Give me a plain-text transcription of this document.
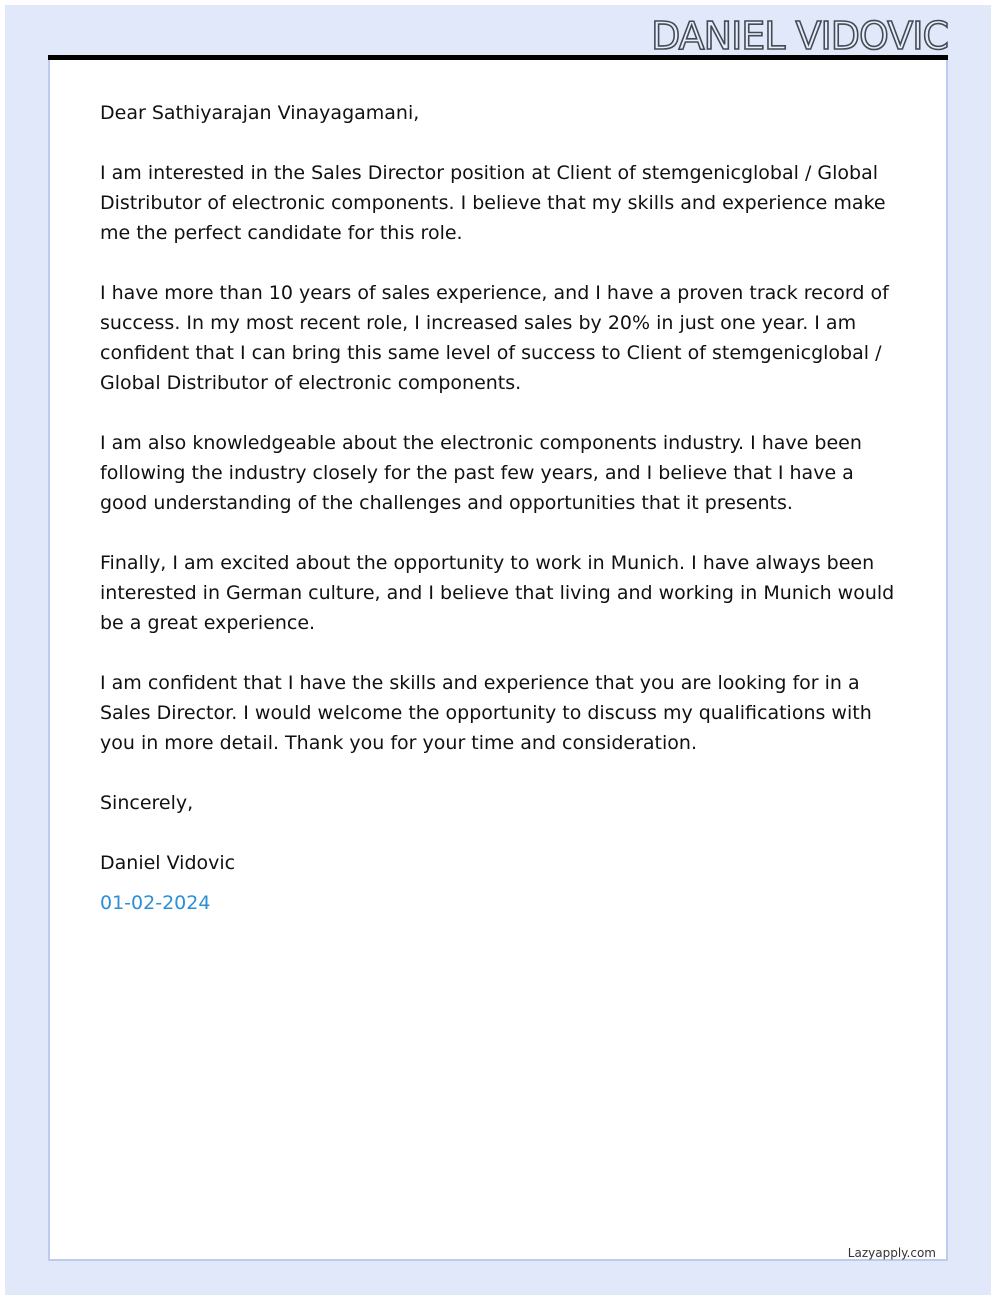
DANIEL VIDOVIC

Dear Sathiyarajan Vinayagamani,

I am interested in the Sales Director position at Client of stemgenicglobal / Global Distributor of electronic components. I believe that my skills and experience make me the perfect candidate for this role.

I have more than 10 years of sales experience, and I have a proven track record of success. In my most recent role, I increased sales by 20% in just one year. I am confident that I can bring this same level of success to Client of stemgenicglobal / Global Distributor of electronic components.

I am also knowledgeable about the electronic components industry. I have been following the industry closely for the past few years, and I believe that I have a good understanding of the challenges and opportunities that it presents.

Finally, I am excited about the opportunity to work in Munich. I have always been interested in German culture, and I believe that living and working in Munich would be a great experience.

I am confident that I have the skills and experience that you are looking for in a Sales Director. I would welcome the opportunity to discuss my qualifications with you in more detail. Thank you for your time and consideration.

Sincerely,

Daniel Vidovic

01-02-2024

Lazyapply.com
